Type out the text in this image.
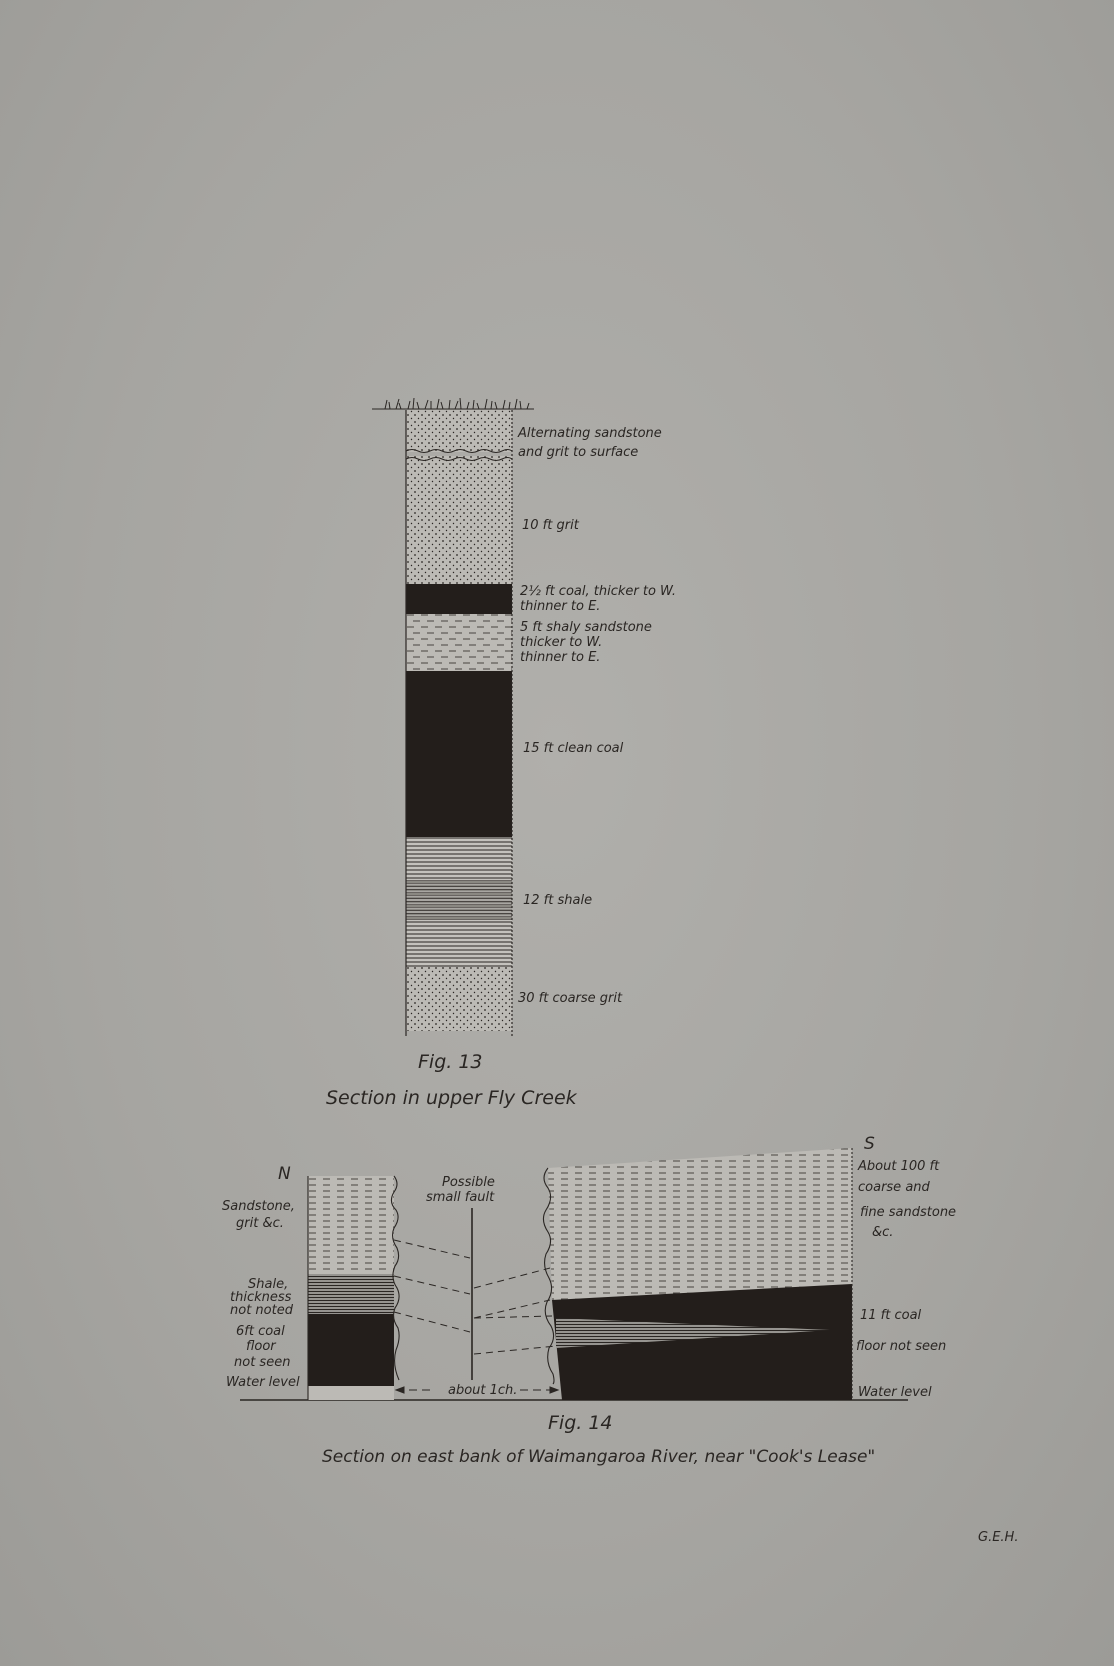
Alternating sandstone
and grit to surface
10 ft grit
2½ ft coal, thicker to W.
thinner to E.
5 ft shaly sandstone
thicker to W.
thinner to E.
15 ft clean coal
12 ft shale
30 ft coarse grit
Fig. 13
Section in upper Fly Creek
N
S
Sandstone,
grit &c.
Shale,
thickness
not noted
6ft coal
floor
not seen
Water level
Possible
small fault
about 1ch.
About 100 ft
coarse and
fine sandstone
&c.
11 ft coal
floor not seen
Water level
Fig. 14
Section on east bank of Waimangaroa River, near "Cook's Lease"
G.E.H.
